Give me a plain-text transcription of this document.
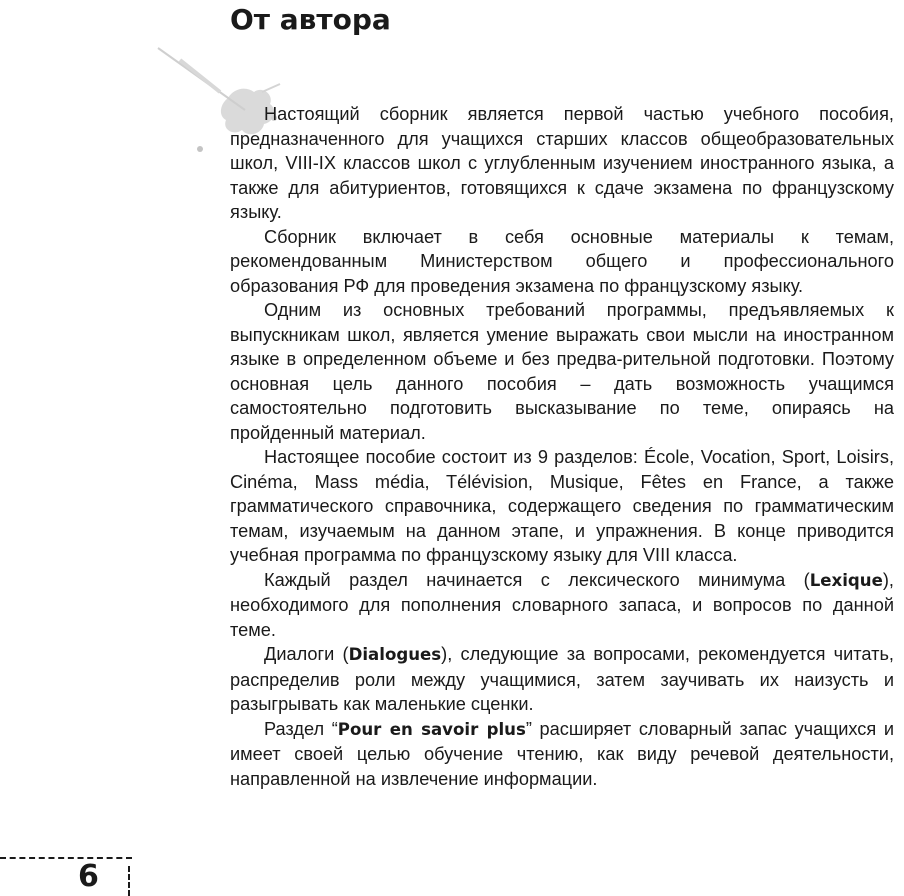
От автора

Настоящий сборник является первой частью учебного пособия, предназначенного для учащихся старших классов общеобразовательных школ, VIII-IX классов школ с углубленным изучением иностранного языка, а также для абитуриентов, готовящихся к сдаче экзамена по французскому языку.

Сборник включает в себя основные материалы к темам, рекомендованным Министерством общего и профессионального образования РФ для проведения экзамена по французскому языку.

Одним из основных требований программы, предъявляемых к выпускникам школ, является умение выражать свои мысли на иностранном языке в определенном объеме и без предва-рительной подготовки. Поэтому основная цель данного пособия – дать возможность учащимся самостоятельно подготовить высказывание по теме, опираясь на пройденный материал.

Настоящее пособие состоит из 9 разделов: École, Vocation, Sport, Loisirs, Cinéma, Mass média, Télévision, Musique, Fêtes en France, а также грамматического справочника, содержащего сведения по грамматическим темам, изучаемым на данном этапе, и упражнения. В конце приводится учебная программа по французскому языку для VIII класса.

Каждый раздел начинается с лексического минимума (Lexique), необходимого для пополнения словарного запаса, и вопросов по данной теме.

Диалоги (Dialogues), следующие за вопросами, рекомендуется читать, распределив роли между учащимися, затем заучивать их наизусть и разыгрывать как маленькие сценки.

Раздел “Pour en savoir plus” расширяет словарный запас учащихся и имеет своей целью обучение чтению, как виду речевой деятельности, направленной на извлечение информации.

6
